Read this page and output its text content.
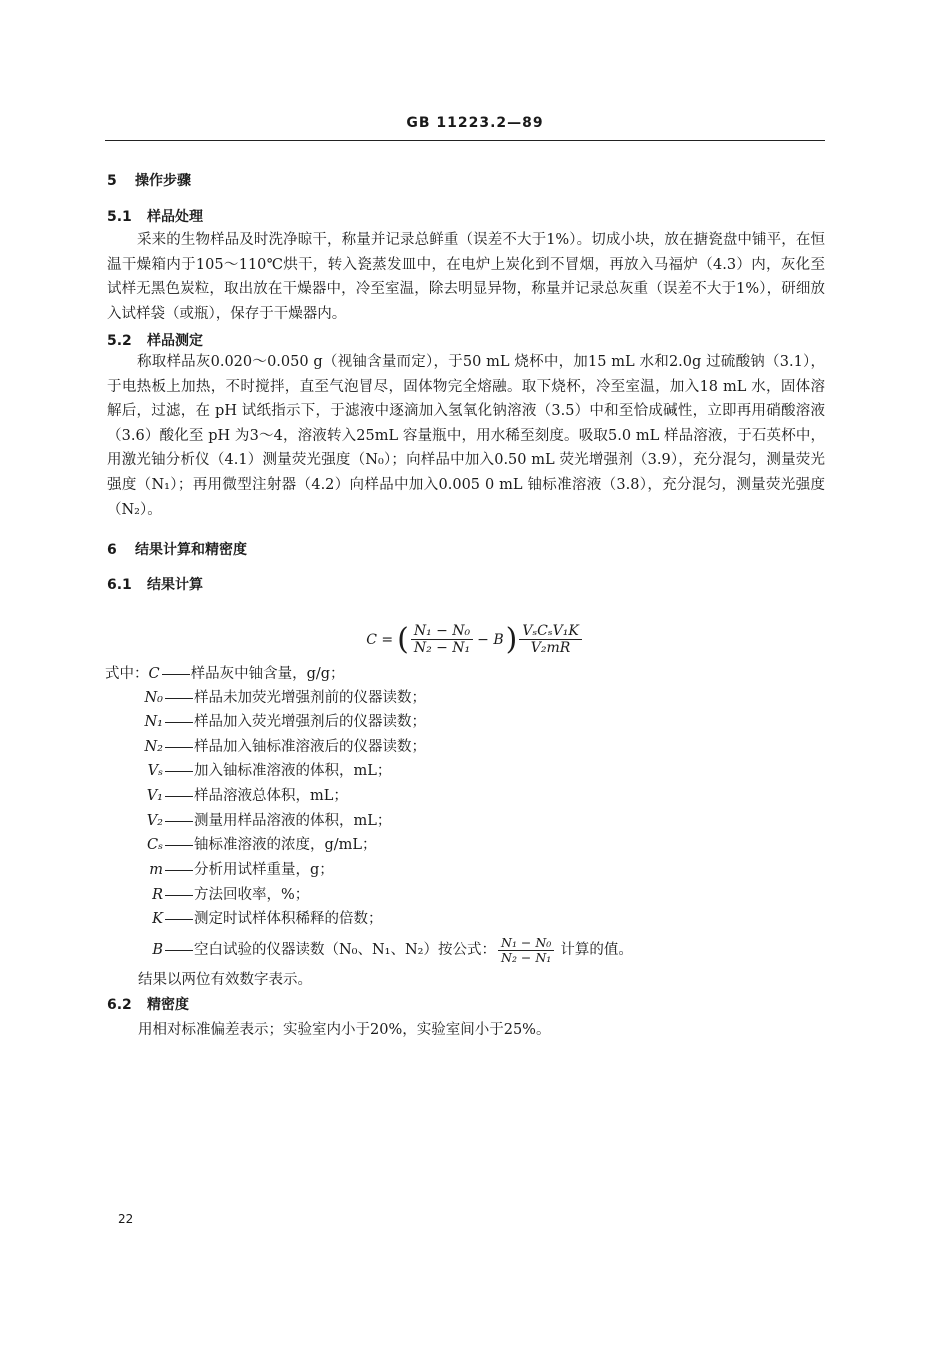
GB 11223.2—89
5 操作步骤
5.1 样品处理
采来的生物样品及时洗净晾干，称量并记录总鲜重（误差不大于1%）。切成小块，放在搪瓷盘中铺平，在恒温干燥箱内于105～110℃烘干，转入瓷蒸发皿中，在电炉上炭化到不冒烟，再放入马福炉（4.3）内，灰化至试样无黑色炭粒，取出放在干燥器中，冷至室温，除去明显异物，称量并记录总灰重（误差不大于1%），研细放入试样袋（或瓶），保存于干燥器内。
5.2 样品测定
称取样品灰0.020～0.050 g（视铀含量而定），于50 mL 烧杯中，加15 mL 水和2.0g 过硫酸钠（3.1），于电热板上加热，不时搅拌，直至气泡冒尽，固体物完全熔融。取下烧杯，冷至室温，加入18 mL 水，固体溶解后，过滤，在 pH 试纸指示下，于滤液中逐滴加入氢氧化钠溶液（3.5）中和至恰成碱性，立即再用硝酸溶液（3.6）酸化至 pH 为3～4，溶液转入25mL 容量瓶中，用水稀至刻度。吸取5.0 mL 样品溶液，于石英杯中，用激光铀分析仪（4.1）测量荧光强度（N₀）；向样品中加入0.50 mL 荧光增强剂（3.9），充分混匀，测量荧光强度（N₁）；再用微型注射器（4.2）向样品中加入0.005 0 mL 铀标准溶液（3.8），充分混匀，测量荧光强度（N₂）。
6 结果计算和精密度
6.1 结果计算
C = ( $\frac{\text{N₁ − N₀}}{\text{N₂ − N₁}} - B$ ) $\frac{\text{VₛCₛV₁K}}{\text{V₂mR}}$
式中：C 样品灰中铀含量，g/g；
N₀ 样品未加荧光增强剂前的仪器读数；
N₁ 样品加入荧光增强剂后的仪器读数；
N₂ 样品加入铀标准溶液后的仪器读数；
Vₛ 加入铀标准溶液的体积，mL；
V₁ 样品溶液总体积，mL；
V₂ 测量用样品溶液的体积，mL；
Cₛ 铀标准溶液的浓度，g/mL；
m 分析用试样重量，g；
R 方法回收率，%；
K 测定时试样体积稀释的倍数；
B 空白试验的仪器读数（N₀、N₁、N₂）按公式： $\frac{\text{N₁ − N₀}}{\text{N₂ − N₁}}$ 计算的值。
结果以两位有效数字表示。
6.2 精密度
用相对标准偏差表示；实验室内小于20%，实验室间小于25%。
22
